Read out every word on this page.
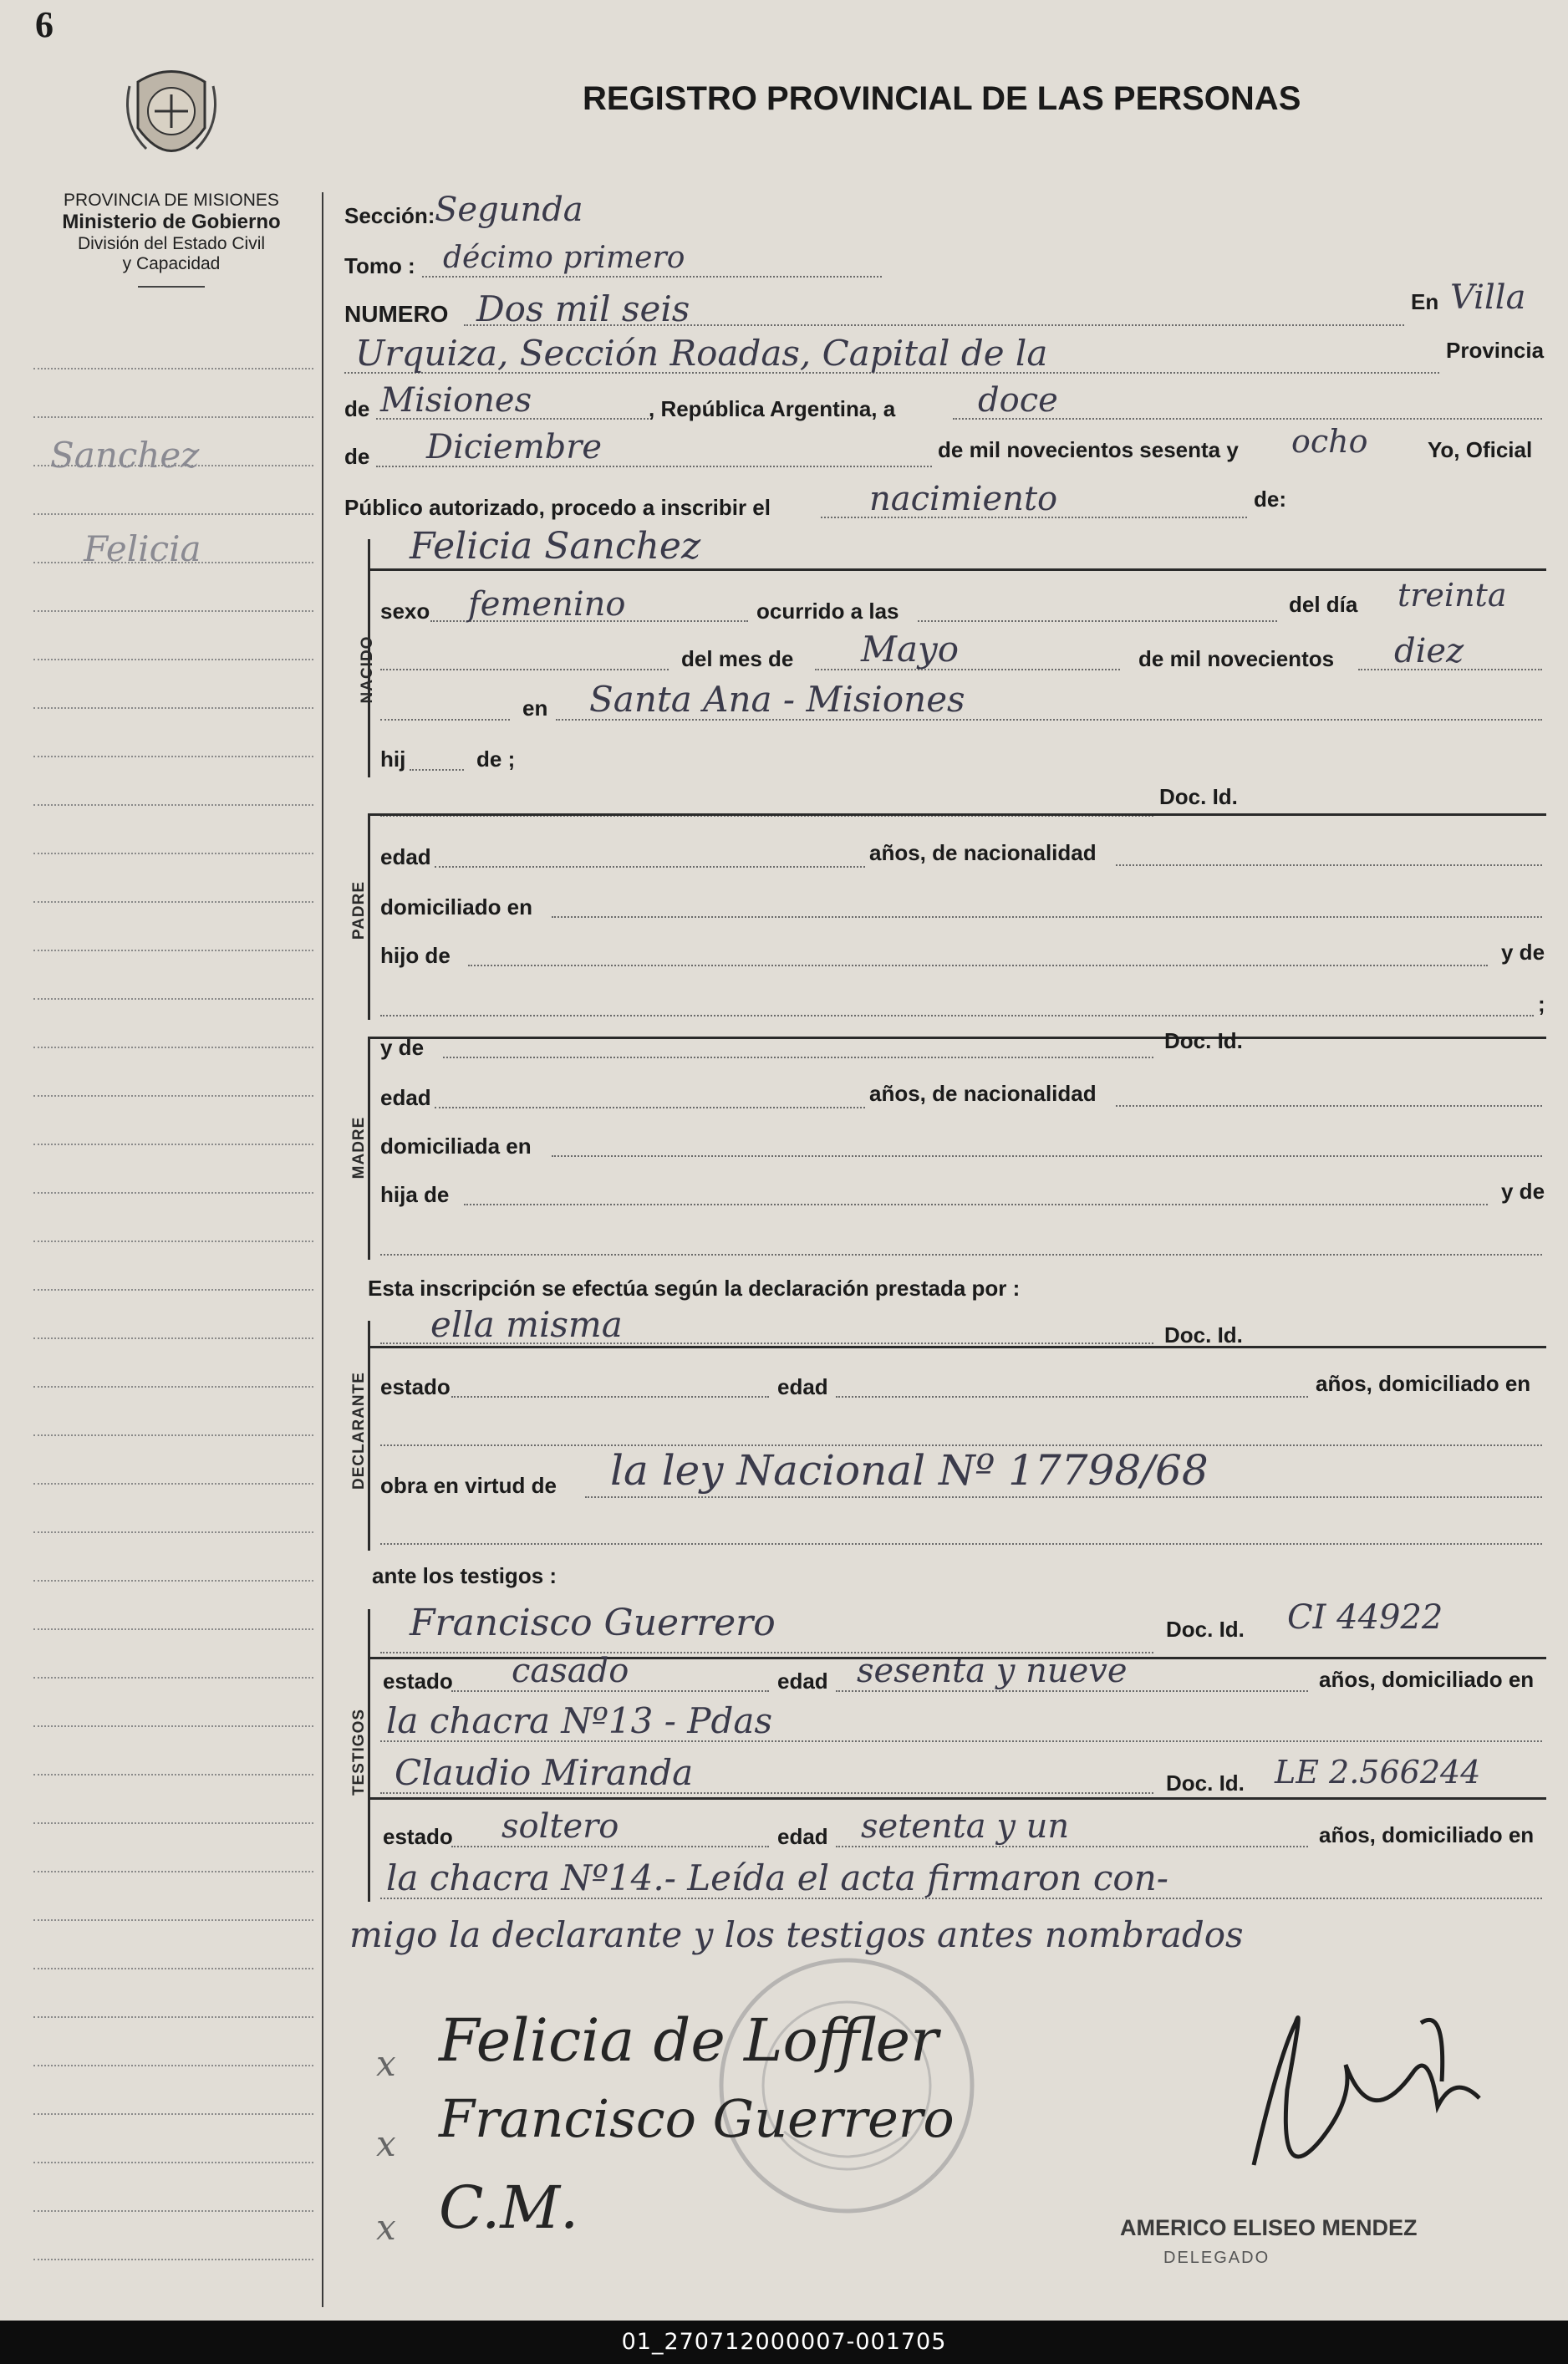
6
PROVINCIA DE MISIONES
Ministerio de Gobierno
División del Estado Civil
y Capacidad
REGISTRO PROVINCIAL DE LAS PERSONAS
Sanchez
Felicia
Sección: Segunda
Tomo : décimo primero
NUMERO Dos mil seis	En Villa
Urquiza, Sección Roadas, Capital de la	Provincia
de Misiones	, República Argentina, a doce
de Diciembre	de mil novecientos sesenta y ocho	Yo, Oficial
Público autorizado, procedo a inscribir el	nacimiento	de:
NACIDO
Felicia Sanchez
sexo femenino	ocurrido a las	del día treinta
del mes de Mayo	de mil novecientos diez
en Santa Ana - Misiones
hij	de ;
Doc. Id.
PADRE
edad	años, de nacionalidad
domiciliado en
hijo de	y de
;
MADRE
y de	Doc. Id.
edad	años, de nacionalidad
domiciliada en
hija de	y de
Esta inscripción se efectúa según la declaración prestada por :
DECLARANTE
ella misma	Doc. Id.
estado	edad	años, domiciliado en
obra en virtud de la ley Nacional Nº 17798/68
ante los testigos :
TESTIGOS
Francisco Guerrero	Doc. Id. CI 44922
estado casado	edad sesenta y nueve	años, domiciliado en
la chacra Nº13 - Pdas
Claudio Miranda	Doc. Id. LE 2.566244
estado soltero	edad setenta y un	años, domiciliado en
la chacra Nº14.- Leída el acta firmaron con-
migo la declarante y los testigos antes nombrados
x
x
x
Felicia de Loffler
Francisco Guerrero
C.M.	AMERICO ELISEO MENDEZ
DELEGADO
01_270712000007-001705
